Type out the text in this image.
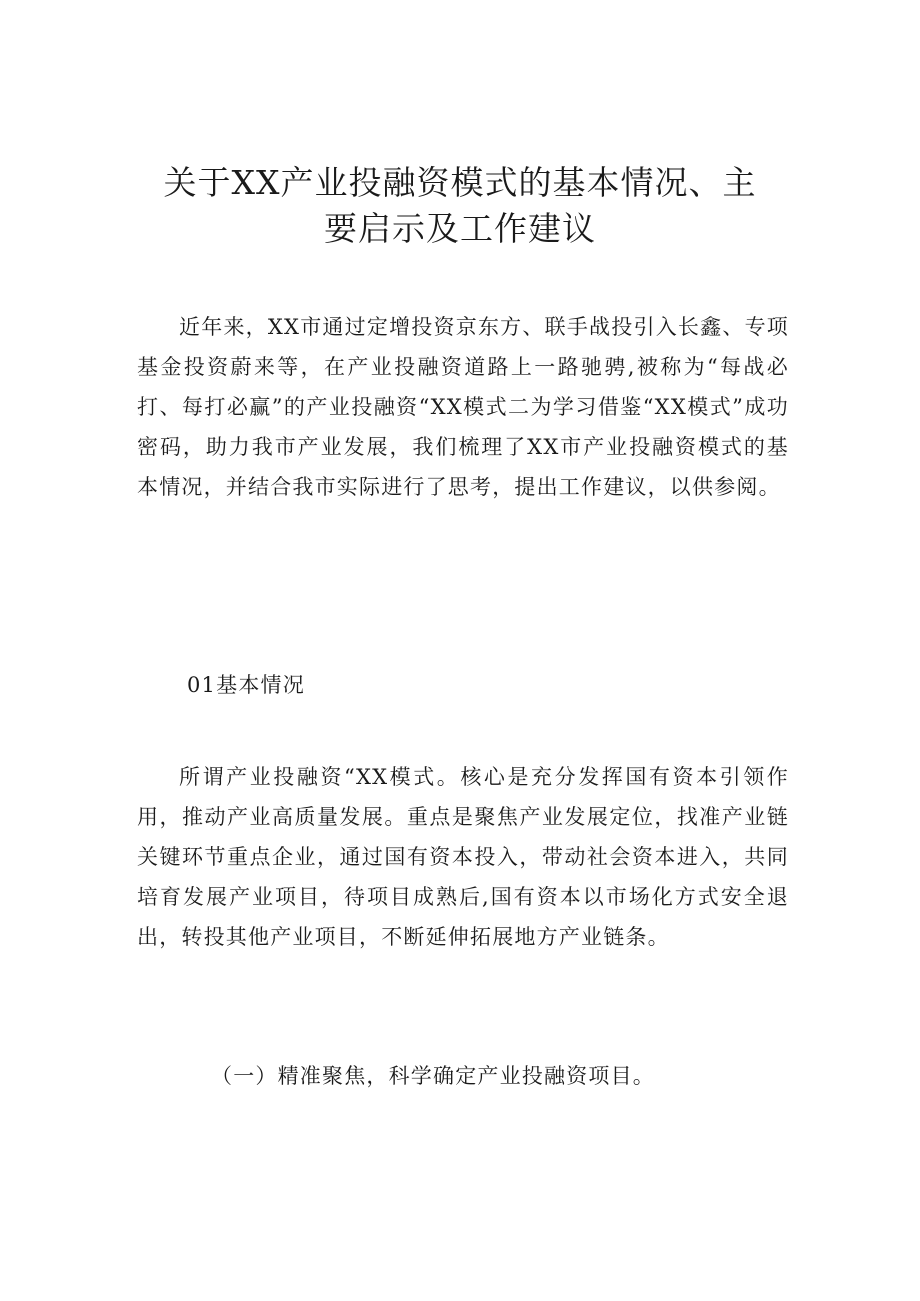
关于XX产业投融资模式的基本情况、主
要启示及工作建议

近年来，XX市通过定增投资京东方、联手战投引入长鑫、专项基金投资蔚来等，在产业投融资道路上一路驰骋,被称为“每战必打、每打必赢”的产业投融资“XX模式二为学习借鉴“XX模式”成功密码，助力我市产业发展，我们梳理了XX市产业投融资模式的基本情况，并结合我市实际进行了思考，提出工作建议，以供参阅。

01基本情况

所谓产业投融资“XX模式。核心是充分发挥国有资本引领作用，推动产业高质量发展。重点是聚焦产业发展定位，找准产业链关键环节重点企业，通过国有资本投入，带动社会资本进入，共同培育发展产业项目，待项目成熟后,国有资本以市场化方式安全退出，转投其他产业项目，不断延伸拓展地方产业链条。

（一）精准聚焦，科学确定产业投融资项目。
